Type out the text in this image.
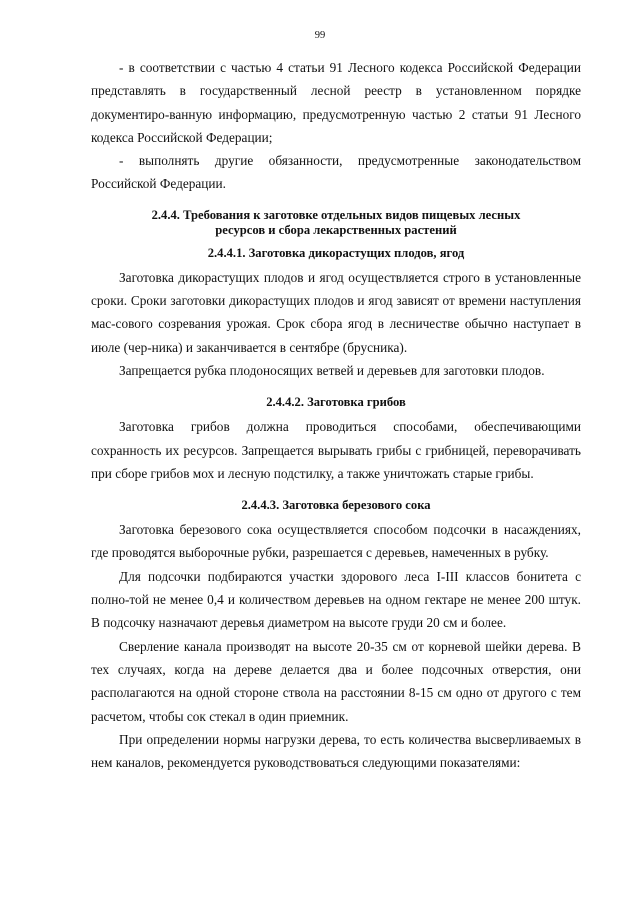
99

- в соответствии с частью 4 статьи 91 Лесного кодекса Российской Федерации представлять в государственный лесной реестр в установленном порядке документиро-ванную информацию, предусмотренную частью 2 статьи 91 Лесного кодекса Российской Федерации;

- выполнять другие обязанности, предусмотренные законодательством Российской Федерации.

2.4.4. Требования к заготовке отдельных видов пищевых лесных
ресурсов и сбора лекарственных растений
2.4.4.1. Заготовка дикорастущих плодов, ягод

Заготовка дикорастущих плодов и ягод осуществляется строго в установленные сроки. Сроки заготовки дикорастущих плодов и ягод зависят от времени наступления мас-сового созревания урожая. Срок сбора ягод в лесничестве обычно наступает в июле (чер-ника) и заканчивается в сентябре (брусника).

Запрещается рубка плодоносящих ветвей и деревьев для заготовки плодов.

2.4.4.2. Заготовка грибов

Заготовка грибов должна проводиться способами, обеспечивающими сохранность их ресурсов. Запрещается вырывать грибы с грибницей, переворачивать при сборе грибов мох и лесную подстилку, а также уничтожать старые грибы.

2.4.4.3. Заготовка березового сока

Заготовка березового сока осуществляется способом подсочки в насаждениях, где проводятся выборочные рубки, разрешается с деревьев, намеченных в рубку.

Для подсочки подбираются участки здорового леса I-III классов бонитета с полно-той не менее 0,4 и количеством деревьев на одном гектаре не менее 200 штук. В подсочку назначают деревья диаметром на высоте груди 20 см и более.

Сверление канала производят на высоте 20-35 см от корневой шейки дерева. В тех случаях, когда на дереве делается два и более подсочных отверстия, они располагаются на одной стороне ствола на расстоянии 8-15 см одно от другого с тем расчетом, чтобы сок стекал в один приемник.

При определении нормы нагрузки дерева, то есть количества высверливаемых в нем каналов, рекомендуется руководствоваться следующими показателями:
